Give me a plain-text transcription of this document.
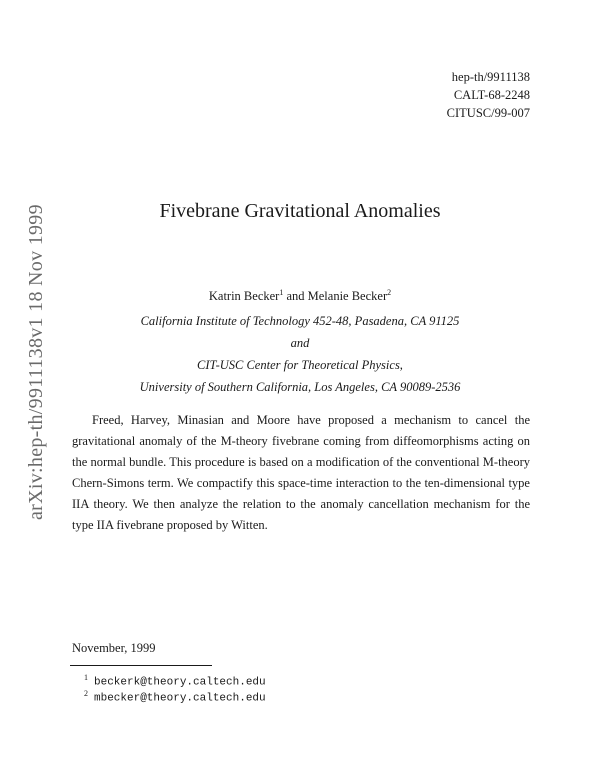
hep-th/9911138
CALT-68-2248
CITUSC/99-007
arXiv:hep-th/9911138v1 18 Nov 1999	Fivebrane Gravitational Anomalies
Katrin Becker$^1$ and Melanie Becker$^2$
California Institute of Technology 452-48, Pasadena, CA 91125
and
CIT-USC Center for Theoretical Physics,
University of Southern California, Los Angeles, CA 90089-2536
Freed, Harvey, Minasian and Moore have proposed a mechanism to cancel the gravitational anomaly of the M-theory fivebrane coming from diffeomorphisms acting on the normal bundle. This procedure is based on a modification of the conventional M-theory Chern-Simons term. We compactify this space-time interaction to the ten-dimensional type IIA theory. We then analyze the relation to the anomaly cancellation mechanism for the type IIA fivebrane proposed by Witten.
November, 1999
$^1$ beckerk@theory.caltech.edu
$^2$ mbecker@theory.caltech.edu
